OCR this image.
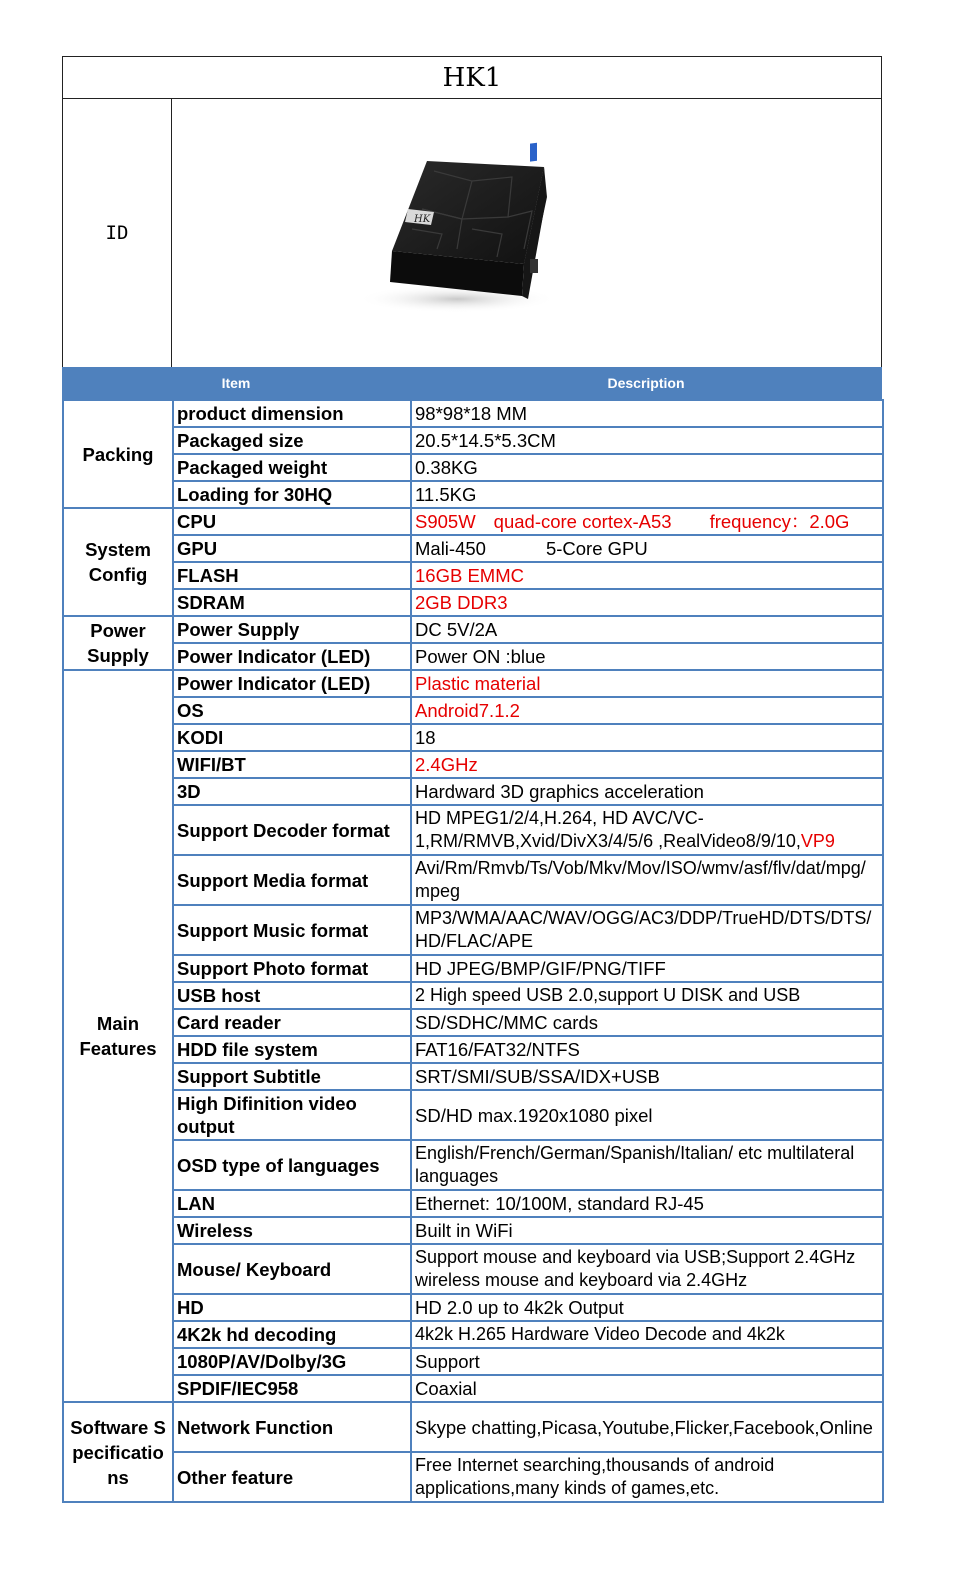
HK1
ID
HK
Item	Description
Packing	product dimension	98*98*18 MM
	Packaged size	20.5*14.5*5.3CM
	Packaged weight	0.38KG
	Loading for 30HQ	11.5KG
System Config	CPU	S905W quad-core cortex-A53 frequency：2.0G
	GPU	Mali-450 5-Core GPU
	FLASH	16GB EMMC
	SDRAM	2GB DDR3
Power Supply	Power Supply	DC 5V/2A
	Power Indicator (LED)	Power ON :blue
Main Features	Power Indicator (LED)	Plastic material
	OS	Android7.1.2
	KODI	18
	WIFI/BT	2.4GHz
	3D	Hardward 3D graphics acceleration
	Support Decoder format	HD MPEG1/2/4,H.264, HD AVC/VC-1,RM/RMVB,Xvid/DivX3/4/5/6 ,RealVideo8/9/10,VP9
	Support Media format	Avi/Rm/Rmvb/Ts/Vob/Mkv/Mov/ISO/wmv/asf/flv/dat/mpg/mpeg
	Support Music format	MP3/WMA/AAC/WAV/OGG/AC3/DDP/TrueHD/DTS/DTS/HD/FLAC/APE
	Support Photo format	HD JPEG/BMP/GIF/PNG/TIFF
	USB host	2 High speed USB 2.0,support U DISK and USB
	Card reader	SD/SDHC/MMC cards
	HDD file system	FAT16/FAT32/NTFS
	Support Subtitle	SRT/SMI/SUB/SSA/IDX+USB
	High Difinition video output	SD/HD max.1920x1080 pixel
	OSD type of languages	English/French/German/Spanish/Italian/ etc multilateral languages
	LAN	Ethernet: 10/100M, standard RJ-45
	Wireless	Built in WiFi
	Mouse/ Keyboard	Support mouse and keyboard via USB;Support 2.4GHz wireless mouse and keyboard via 2.4GHz
	HD	HD 2.0 up to 4k2k Output
	4K2k hd decoding	4k2k H.265 Hardware Video Decode and 4k2k
	1080P/AV/Dolby/3G	Support
	SPDIF/IEC958	Coaxial
Software Specifications	Network Function	Skype chatting,Picasa,Youtube,Flicker,Facebook,Online
	Other feature	Free Internet searching,thousands of android applications,many kinds of games,etc.
